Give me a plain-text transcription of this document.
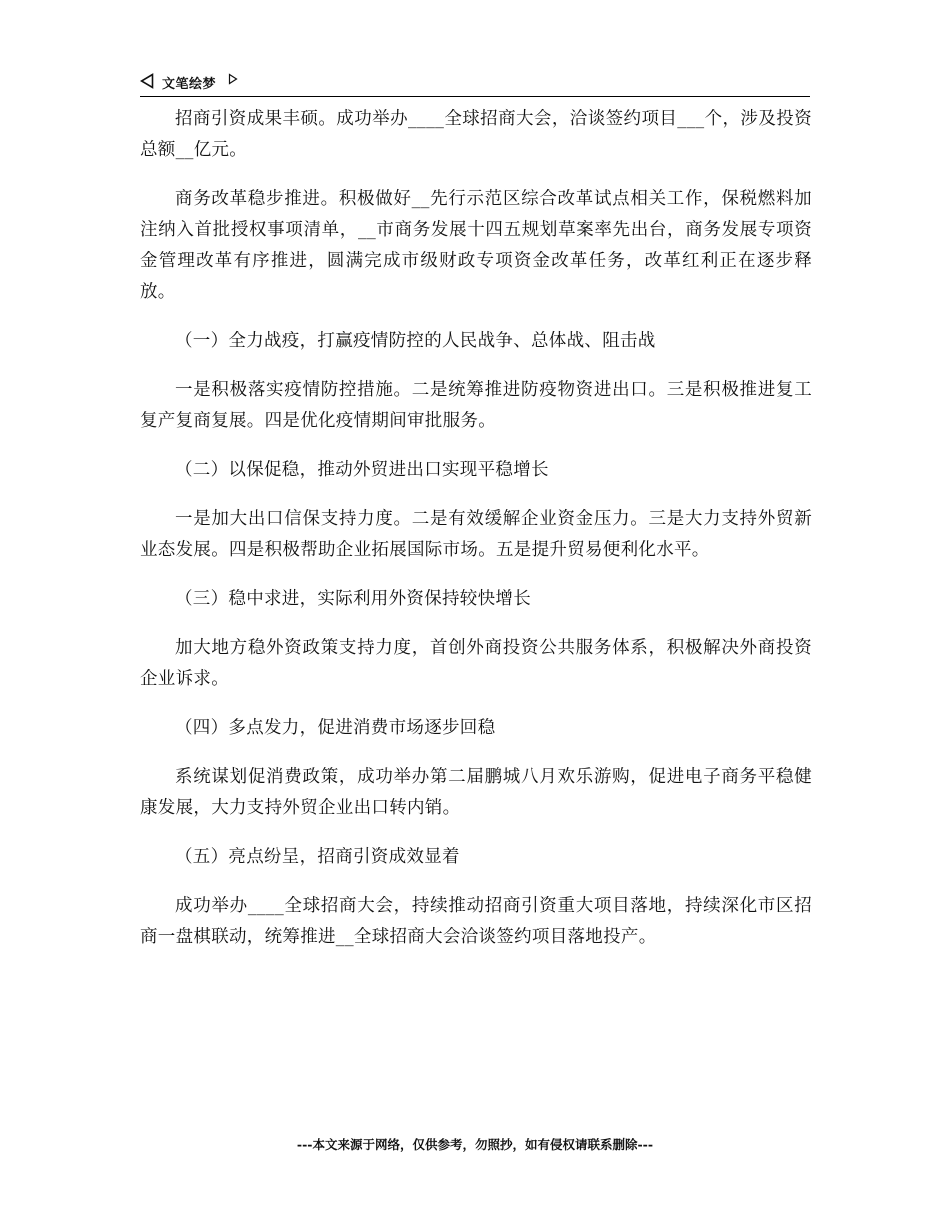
文笔绘梦

招商引资成果丰硕。成功举办____全球招商大会，洽谈签约项目___个，涉及投资总额__亿元。

商务改革稳步推进。积极做好__先行示范区综合改革试点相关工作，保税燃料加注纳入首批授权事项清单，__市商务发展十四五规划草案率先出台，商务发展专项资金管理改革有序推进，圆满完成市级财政专项资金改革任务，改革红利正在逐步释放。

（一）全力战疫，打赢疫情防控的人民战争、总体战、阻击战

一是积极落实疫情防控措施。二是统筹推进防疫物资进出口。三是积极推进复工复产复商复展。四是优化疫情期间审批服务。

（二）以保促稳，推动外贸进出口实现平稳增长

一是加大出口信保支持力度。二是有效缓解企业资金压力。三是大力支持外贸新业态发展。四是积极帮助企业拓展国际市场。五是提升贸易便利化水平。

（三）稳中求进，实际利用外资保持较快增长

加大地方稳外资政策支持力度，首创外商投资公共服务体系，积极解决外商投资企业诉求。

（四）多点发力，促进消费市场逐步回稳

系统谋划促消费政策，成功举办第二届鹏城八月欢乐游购，促进电子商务平稳健康发展，大力支持外贸企业出口转内销。

（五）亮点纷呈，招商引资成效显着

成功举办____全球招商大会，持续推动招商引资重大项目落地，持续深化市区招商一盘棋联动，统筹推进__全球招商大会洽谈签约项目落地投产。

---本文来源于网络，仅供参考，勿照抄，如有侵权请联系删除---
